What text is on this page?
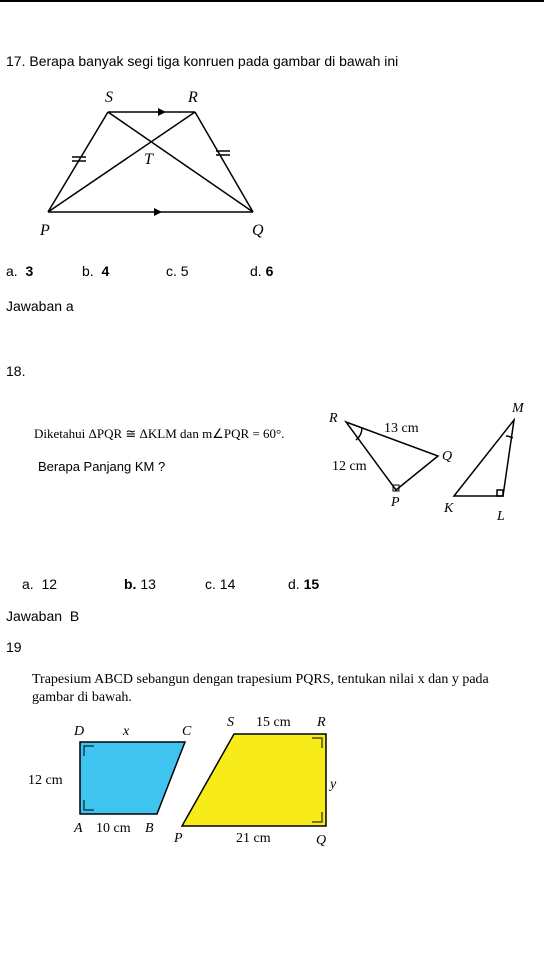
17. Berapa banyak segi tiga konruen pada gambar di bawah ini
S	R
T
P	Q
a. 3	b. 4	c. 5	d. 6
Jawaban a
18.
Diketahui ΔPQR ≅ ΔKLM dan m∠PQR = 60°.
Berapa Panjang KM ?
R
13 cm
Q
12 cm
P
M
K
L
a. 12	b. 13	c. 14	d. 15
Jawaban  B
19
Trapesium ABCD sebangun dengan trapesium PQRS, tentukan nilai x dan y pada
gambar di bawah.
D	x	C
12 cm
A 10 cm B
S 15 cm R
y
P	21 cm	Q
